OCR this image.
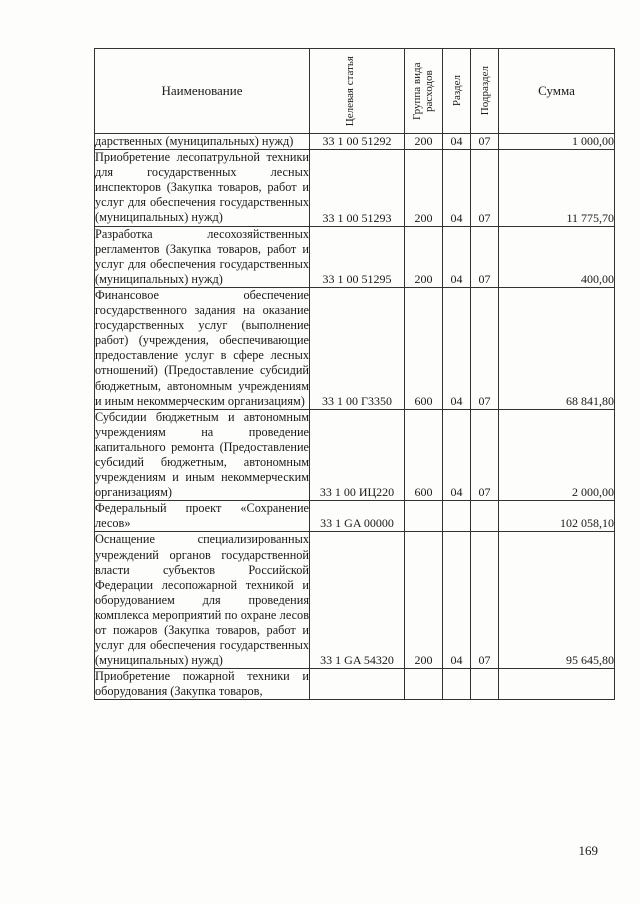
Наименование	Целевая статья	Группа вида расходов	Раздел	Подраздел	Сумма
дарственных (муниципальных) нужд)	33 1 00 51292	200	04	07	1 000,00
Приобретение лесопатрульной техники для государственных лесных инспекторов (Закупка товаров, работ и услуг для обеспечения государственных (муниципальных) нужд)	33 1 00 51293	200	04	07	11 775,70
Разработка лесохозяйственных регламентов (Закупка товаров, работ и услуг для обеспечения государственных (муниципальных) нужд)	33 1 00 51295	200	04	07	400,00
Финансовое обеспечение государственного задания на оказание государственных услуг (выполнение работ) (учреждения, обеспечивающие предоставление услуг в сфере лесных отношений) (Предоставление субсидий бюджетным, автономным учреждениям и иным некоммерческим организациям)	33 1 00 Г3350	600	04	07	68 841,80
Субсидии бюджетным и автономным учреждениям на проведение капитального ремонта (Предоставление субсидий бюджетным, автономным учреждениям и иным некоммерческим организациям)	33 1 00 ИЦ220	600	04	07	2 000,00
Федеральный проект «Сохранение лесов»	33 1 GA 00000				102 058,10
Оснащение специализированных учреждений органов государственной власти субъектов Российской Федерации лесопожарной техникой и оборудованием для проведения комплекса мероприятий по охране лесов от пожаров (Закупка товаров, работ и услуг для обеспечения государственных (муниципальных) нужд)	33 1 GA 54320	200	04	07	95 645,80
Приобретение пожарной техники и оборудования (Закупка товаров,					
169
